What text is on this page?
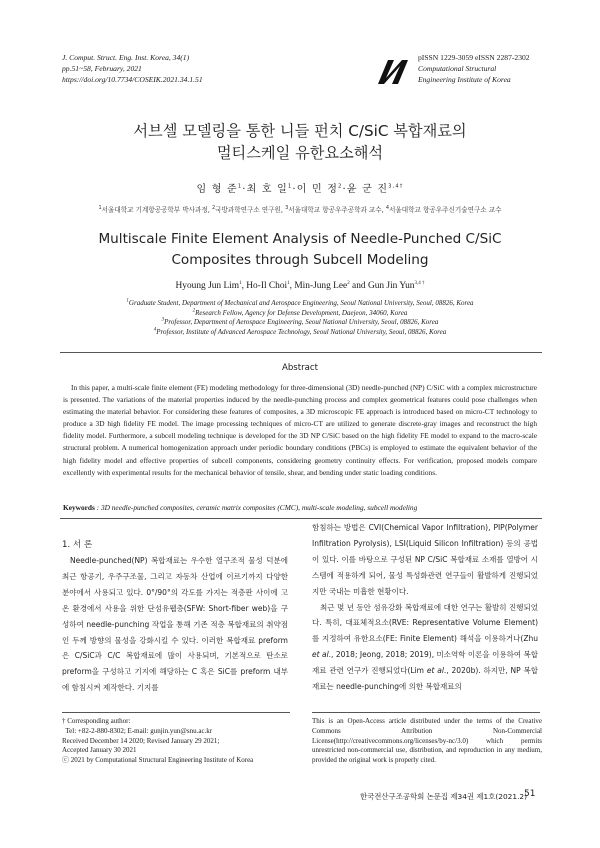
J. Comput. Struct. Eng. Inst. Korea, 34(1)
pp.51~58, February, 2021
https://doi.org/10.7734/COSEIK.2021.34.1.51
pISSN 1229-3059 eISSN 2287-2302
Computational Structural
Engineering Institute of Korea
서브셀 모델링을 통한 니들 펀치 C/SiC 복합재료의
멀티스케일 유한요소해석
임 형 준$^1$·최 호 일$^1$·이 민 정$^2$·윤 군 진$^{3,4\dagger}$
$^1$서울대학교 기계항공공학부 박사과정, $^2$국방과학연구소 연구원, $^3$서울대학교 항공우주공학과 교수, $^4$서울대학교 항공우주신기술연구소 교수
Multiscale Finite Element Analysis of Needle-Punched C/SiC
Composites through Subcell Modeling
Hyoung Jun Lim$^1$, Ho-Il Choi$^1$, Min-Jung Lee$^2$ and Gun Jin Yun$^{3,4 \dagger}$
$^1$Graduate Student, Department of Mechanical and Aerospace Engineering, Seoul National University, Seoul, 08826, Korea
$^2$Research Fellow, Agency for Defense Development, Daejeon, 34060, Korea
$^3$Professor, Department of Aerospace Engineering, Seoul National University, Seoul, 08826, Korea
$^4$Professor, Institute of Advanced Aerospace Technology, Seoul National University, Seoul, 08826, Korea
Abstract

In this paper, a multi-scale finite element (FE) modeling methodology for three-dimensional (3D) needle-punched (NP) C/SiC with a complex microstructure is presented. The variations of the material properties induced by the needle-punching process and complex geometrical features could pose challenges when estimating the material behavior. For considering these features of composites, a 3D microscopic FE approach is introduced based on micro-CT technology to produce a 3D high fidelity FE model. The image processing techniques of micro-CT are utilized to generate discrete-gray images and reconstruct the high fidelity model. Furthermore, a subcell modeling technique is developed for the 3D NP C/SiC based on the high fidelity FE model to expand to the macro-scale structural problem. A numerical homogenization approach under periodic boundary conditions (PBCs) is employed to estimate the equivalent behavior of the high fidelity model and effective properties of subcell components, considering geometry continuity effects. For verification, proposed models compare excellently with experimental results for the mechanical behavior of tensile, shear, and bending under static loading conditions.

Keywords : 3D needle-punched composites, ceramic matrix composites (CMC), multi-scale modeling, subcell modeling
1. 서 론

Needle-punched(NP) 복합재료는 우수한 열구조적 물성 덕분에 최근 항공기, 우주구조물, 그리고 자동차 산업에 이르기까지 다양한 분야에서 사용되고 있다. 0°/90°의 각도를 가지는 적층판 사이에 고온 환경에서 사용을 위한 단섬유웹층(SFW: Short-fiber web)을 구성하여 needle-punching 작업을 통해 기존 적층 복합재료의 취약점인 두께 방향의 물성을 강화시킬 수 있다. 이러한 복합재료 preform은 C/SiC과 C/C 복합재료에 많이 사용되며, 기본적으로 탄소로 preform을 구성하고 기지에 해당하는 C 혹은 SiC를 preform 내부에 함침시켜 제작한다. 기지를

함침하는 방법은 CVI(Chemical Vapor Infiltration), PIP(Polymer Infiltration Pyrolysis), LSI(Liquid Silicon Infiltration) 등의 공법이 있다. 이를 바탕으로 구성된 NP C/SiC 복합재료 소재를 열방어 시스템에 적용하게 되어, 물성 특성화관련 연구들이 활발하게 진행되었지만 국내는 미흡한 현황이다.

최근 몇 년 동안 섬유강화 복합재료에 대한 연구는 활발히 진행되었다. 특히, 대표체적요소(RVE: Representative Volume Element)를 지정하여 유한요소(FE: Finite Element) 해석을 이용하거나(Zhu et al., 2018; Jeong, 2018; 2019), 미소역학 이론을 이용하여 복합재료 관련 연구가 진행되었다(Lim et al., 2020b). 하지만, NP 복합재료는 needle-punching에 의한 복합재료의

† Corresponding author:
Tel: +82-2-880-8302; E-mail: gunjin.yun@snu.ac.kr
Received December 14 2020; Revised January 29 2021;
Accepted January 30 2021
ⓒ 2021 by Computational Structural Engineering Institute of Korea
This is an Open-Access article distributed under the terms of the Creative Commons Attribution Non-Commercial License(http://creativecommons.org/licenses/by-nc/3.0) which permits unrestricted non-commercial use, distribution, and reproduction in any medium, provided the original work is properly cited.
한국전산구조공학회 논문집 제34권 제1호(2021.2)
51
